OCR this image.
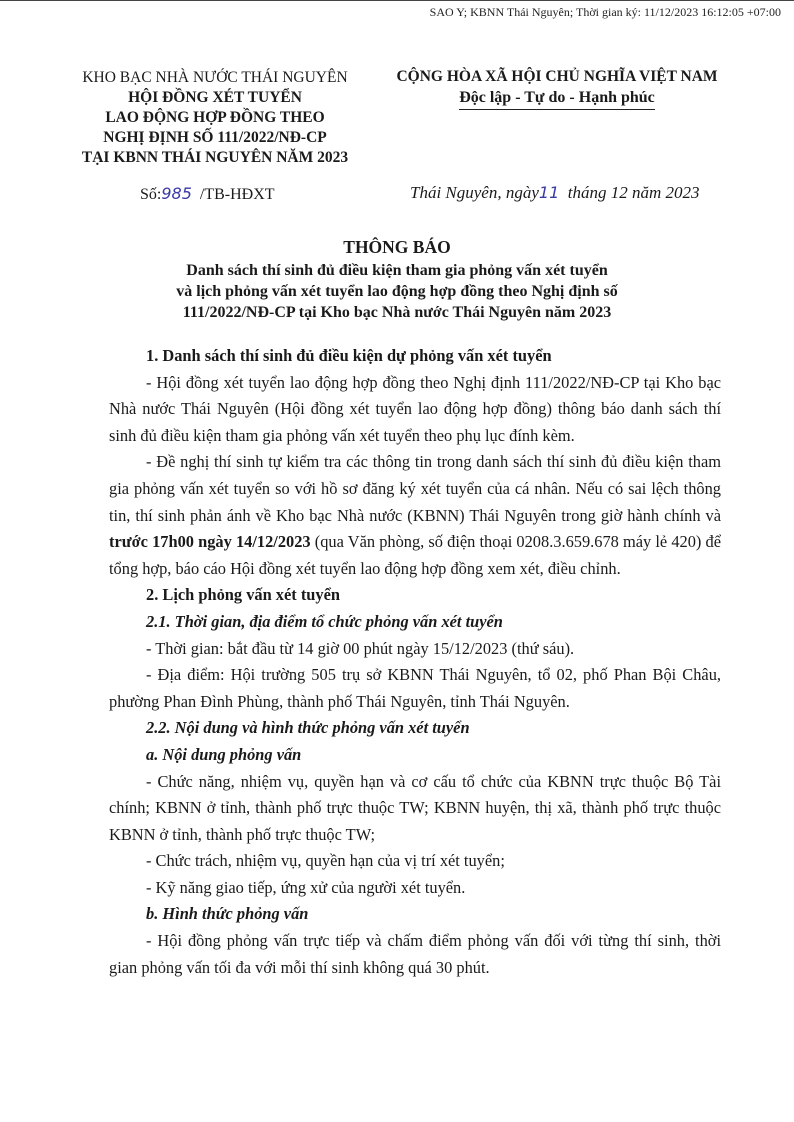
SAO Y; KBNN Thái Nguyên; Thời gian ký: 11/12/2023 16:12:05 +07:00
KHO BẠC NHÀ NƯỚC THÁI NGUYÊN
HỘI ĐỒNG XÉT TUYỂN
LAO ĐỘNG HỢP ĐỒNG THEO
NGHỊ ĐỊNH SỐ 111/2022/NĐ-CP
TẠI KBNN THÁI NGUYÊN NĂM 2023
CỘNG HÒA XÃ HỘI CHỦ NGHĨA VIỆT NAM
Độc lập - Tự do - Hạnh phúc
Số:985 /TB-HĐXT	Thái Nguyên, ngày11 tháng 12 năm 2023
THÔNG BÁO
Danh sách thí sinh đủ điều kiện tham gia phỏng vấn xét tuyển
và lịch phỏng vấn xét tuyển lao động hợp đồng theo Nghị định số
111/2022/NĐ-CP tại Kho bạc Nhà nước Thái Nguyên năm 2023

1. Danh sách thí sinh đủ điều kiện dự phỏng vấn xét tuyển

- Hội đồng xét tuyển lao động hợp đồng theo Nghị định 111/2022/NĐ-CP tại Kho bạc Nhà nước Thái Nguyên (Hội đồng xét tuyển lao động hợp đồng) thông báo danh sách thí sinh đủ điều kiện tham gia phỏng vấn xét tuyển theo phụ lục đính kèm.

- Đề nghị thí sinh tự kiểm tra các thông tin trong danh sách thí sinh đủ điều kiện tham gia phỏng vấn xét tuyển so với hồ sơ đăng ký xét tuyển của cá nhân. Nếu có sai lệch thông tin, thí sinh phản ánh về Kho bạc Nhà nước (KBNN) Thái Nguyên trong giờ hành chính và trước 17h00 ngày 14/12/2023 (qua Văn phòng, số điện thoại 0208.3.659.678 máy lẻ 420) để tổng hợp, báo cáo Hội đồng xét tuyển lao động hợp đồng xem xét, điều chỉnh.

2. Lịch phỏng vấn xét tuyển

2.1. Thời gian, địa điểm tổ chức phỏng vấn xét tuyển

- Thời gian: bắt đầu từ 14 giờ 00 phút ngày 15/12/2023 (thứ sáu).

- Địa điểm: Hội trường 505 trụ sở KBNN Thái Nguyên, tổ 02, phố Phan Bội Châu, phường Phan Đình Phùng, thành phố Thái Nguyên, tỉnh Thái Nguyên.

2.2. Nội dung và hình thức phỏng vấn xét tuyển

a. Nội dung phỏng vấn

- Chức năng, nhiệm vụ, quyền hạn và cơ cấu tổ chức của KBNN trực thuộc Bộ Tài chính; KBNN ở tỉnh, thành phố trực thuộc TW; KBNN huyện, thị xã, thành phố trực thuộc KBNN ở tỉnh, thành phố trực thuộc TW;

- Chức trách, nhiệm vụ, quyền hạn của vị trí xét tuyển;

- Kỹ năng giao tiếp, ứng xử của người xét tuyển.

b. Hình thức phỏng vấn

- Hội đồng phỏng vấn trực tiếp và chấm điểm phỏng vấn đối với từng thí sinh, thời gian phỏng vấn tối đa với mỗi thí sinh không quá 30 phút.
